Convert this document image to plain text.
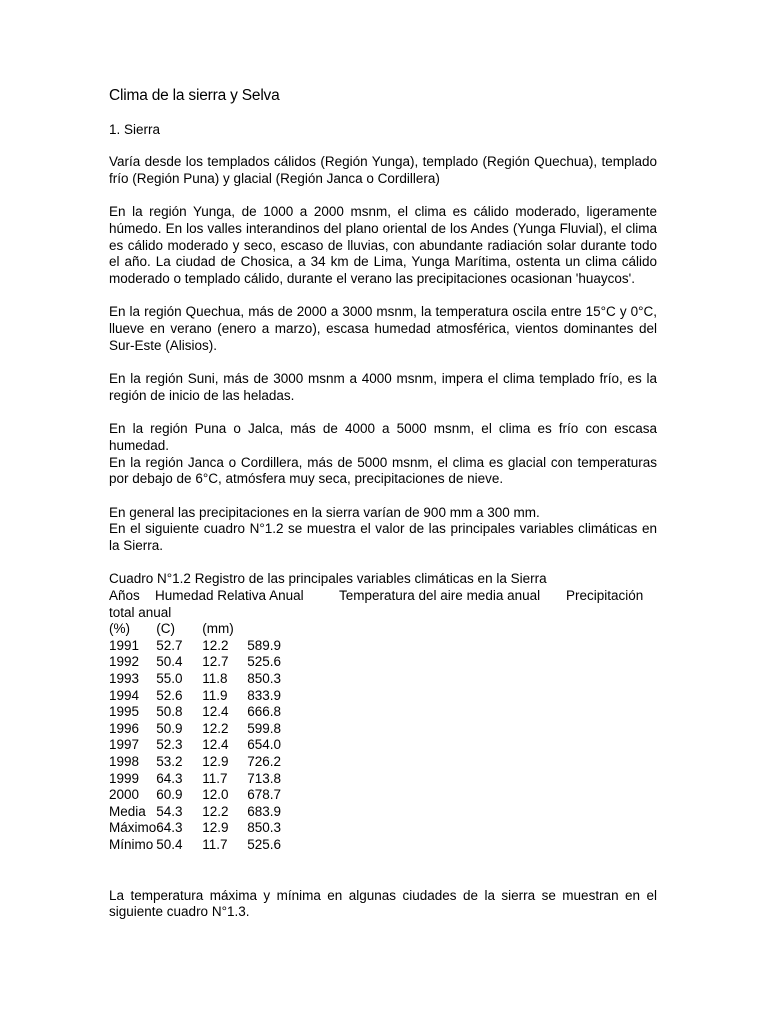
Clima de la sierra y Selva

1. Sierra

Varía desde los templados cálidos (Región Yunga), templado (Región Quechua), templado frío (Región Puna) y glacial (Región Janca o Cordillera)

En la región Yunga, de 1000 a 2000 msnm, el clima es cálido moderado, ligeramente húmedo. En los valles interandinos del plano oriental de los Andes (Yunga Fluvial), el clima es cálido moderado y seco, escaso de lluvias, con abundante radiación solar durante todo el año. La ciudad de Chosica, a 34 km de Lima, Yunga Marítima, ostenta un clima cálido moderado o templado cálido, durante el verano las precipitaciones ocasionan 'huaycos'.

En la región Quechua, más de 2000 a 3000 msnm, la temperatura oscila entre 15°C y 0°C, llueve en verano (enero a marzo), escasa humedad atmosférica, vientos dominantes del Sur-Este (Alisios).

En la región Suni, más de 3000 msnm a 4000 msnm, impera el clima templado frío, es la región de inicio de las heladas.

En la región Puna o Jalca, más de 4000 a 5000 msnm, el clima es frío con escasa humedad.

En la región Janca o Cordillera, más de 5000 msnm, el clima es glacial con temperaturas por debajo de 6°C, atmósfera muy seca, precipitaciones de nieve.

En general las precipitaciones en la sierra varían de 900 mm a 300 mm.

En el siguiente cuadro N°1.2 se muestra el valor de las principales variables climáticas en la Sierra.

Cuadro N°1.2 Registro de las principales variables climáticas en la Sierra

Años Humedad Relativa Anual	Temperatura del aire media anual Precipitación

total anual

(%)	(C)	(mm)	
1991	52.7	12.2	589.9
1992	50.4	12.7	525.6
1993	55.0	11.8	850.3
1994	52.6	11.9	833.9
1995	50.8	12.4	666.8
1996	50.9	12.2	599.8
1997	52.3	12.4	654.0
1998	53.2	12.9	726.2
1999	64.3	11.7	713.8
2000	60.9	12.0	678.7
Media	54.3	12.2	683.9
Máximo	64.3	12.9	850.3
Mínimo	50.4	11.7	525.6

La temperatura máxima y mínima en algunas ciudades de la sierra se muestran en el siguiente cuadro N°1.3.
